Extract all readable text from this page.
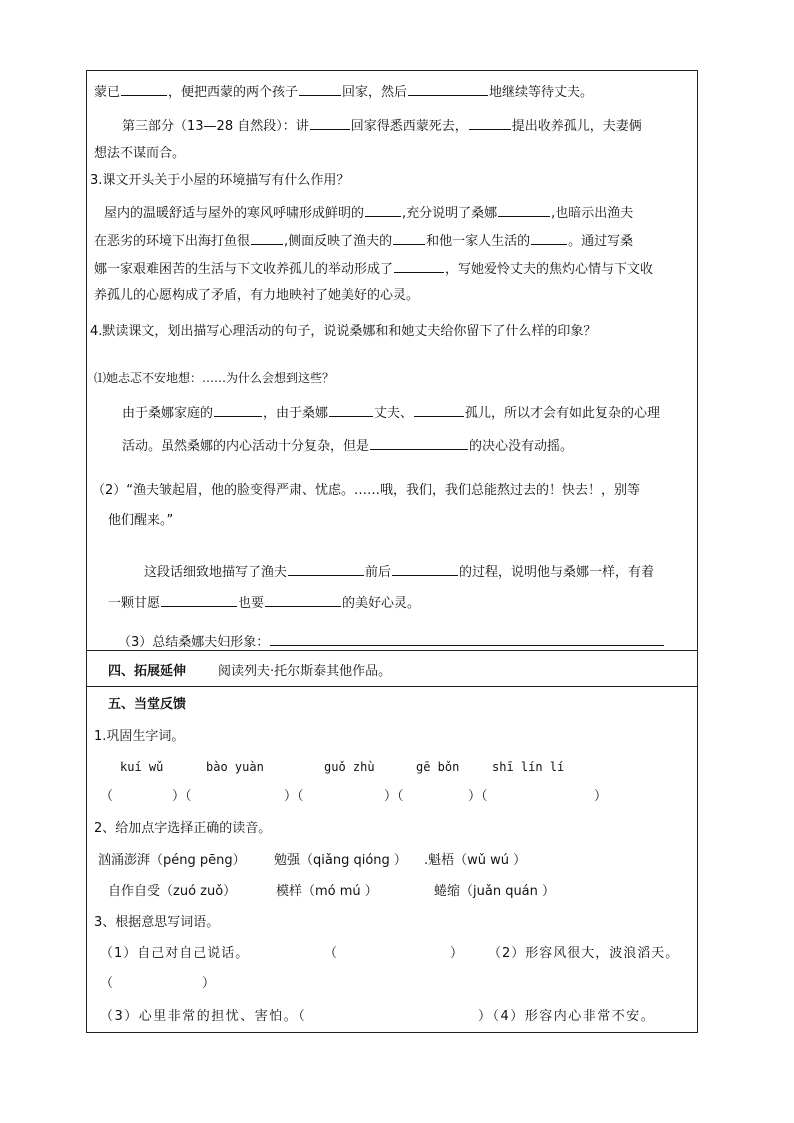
蒙已	，便把西蒙的两个孩子	回家，然后	地继续等待丈夫。
第三部分（13—28 自然段）：讲	回家得悉西蒙死去，	提出收养孤儿，夫妻俩
想法不谋而合。
3.课文开头关于小屋的环境描写有什么作用？
屋内的温暖舒适与屋外的寒风呼啸形成鲜明的	,充分说明了桑娜	,也暗示出渔夫
在恶劣的环境下出海打鱼很	,侧面反映了渔夫的	和他一家人生活的	。通过写桑
娜一家艰难困苦的生活与下文收养孤儿的举动形成了	，写她爱怜丈夫的焦灼心情与下文收
养孤儿的心愿构成了矛盾，有力地映衬了她美好的心灵。
4.默读课文，划出描写心理活动的句子，说说桑娜和和她丈夫给你留下了什么样的印象？
⑴她忐忑不安地想：……为什么会想到这些？
由于桑娜家庭的	，由于桑娜	丈夫、	孤儿，所以才会有如此复杂的心理
活动。虽然桑娜的内心活动十分复杂，但是	的决心没有动摇。
（2）“渔夫皱起眉，他的脸变得严肃、忧虑。……哦，我们，我们总能熬过去的！快去！，别等
他们醒来。”
这段话细致地描写了渔夫	前后	的过程，说明他与桑娜一样，有着
一颗甘愿	也要	的美好心灵。
（3）总结桑娜夫妇形象：
四、拓展延伸 阅读列夫·托尔斯泰其他作品。
五、当堂反馈
1.巩固生字词。
kuí wǔ	bào yuàn	guǒ zhù	gē bǒn	shī lín lí
（	）（	）（	）（	）（	）
2、给加点字选择正确的读音。
汹涌澎湃（péng pēng） 勉强（qiǎng qióng ） .魁梧（wǔ wú ）
自作自受（zuó zuǒ）	模样（mó mú ）	蜷缩（juǎn quán ）
3、根据意思写词语。
（1）自己对自己说话。	（	） （2）形容风很大，波浪滔天。
（	）
（3）心里非常的担忧、害怕。（	）（4）形容内心非常不安。
